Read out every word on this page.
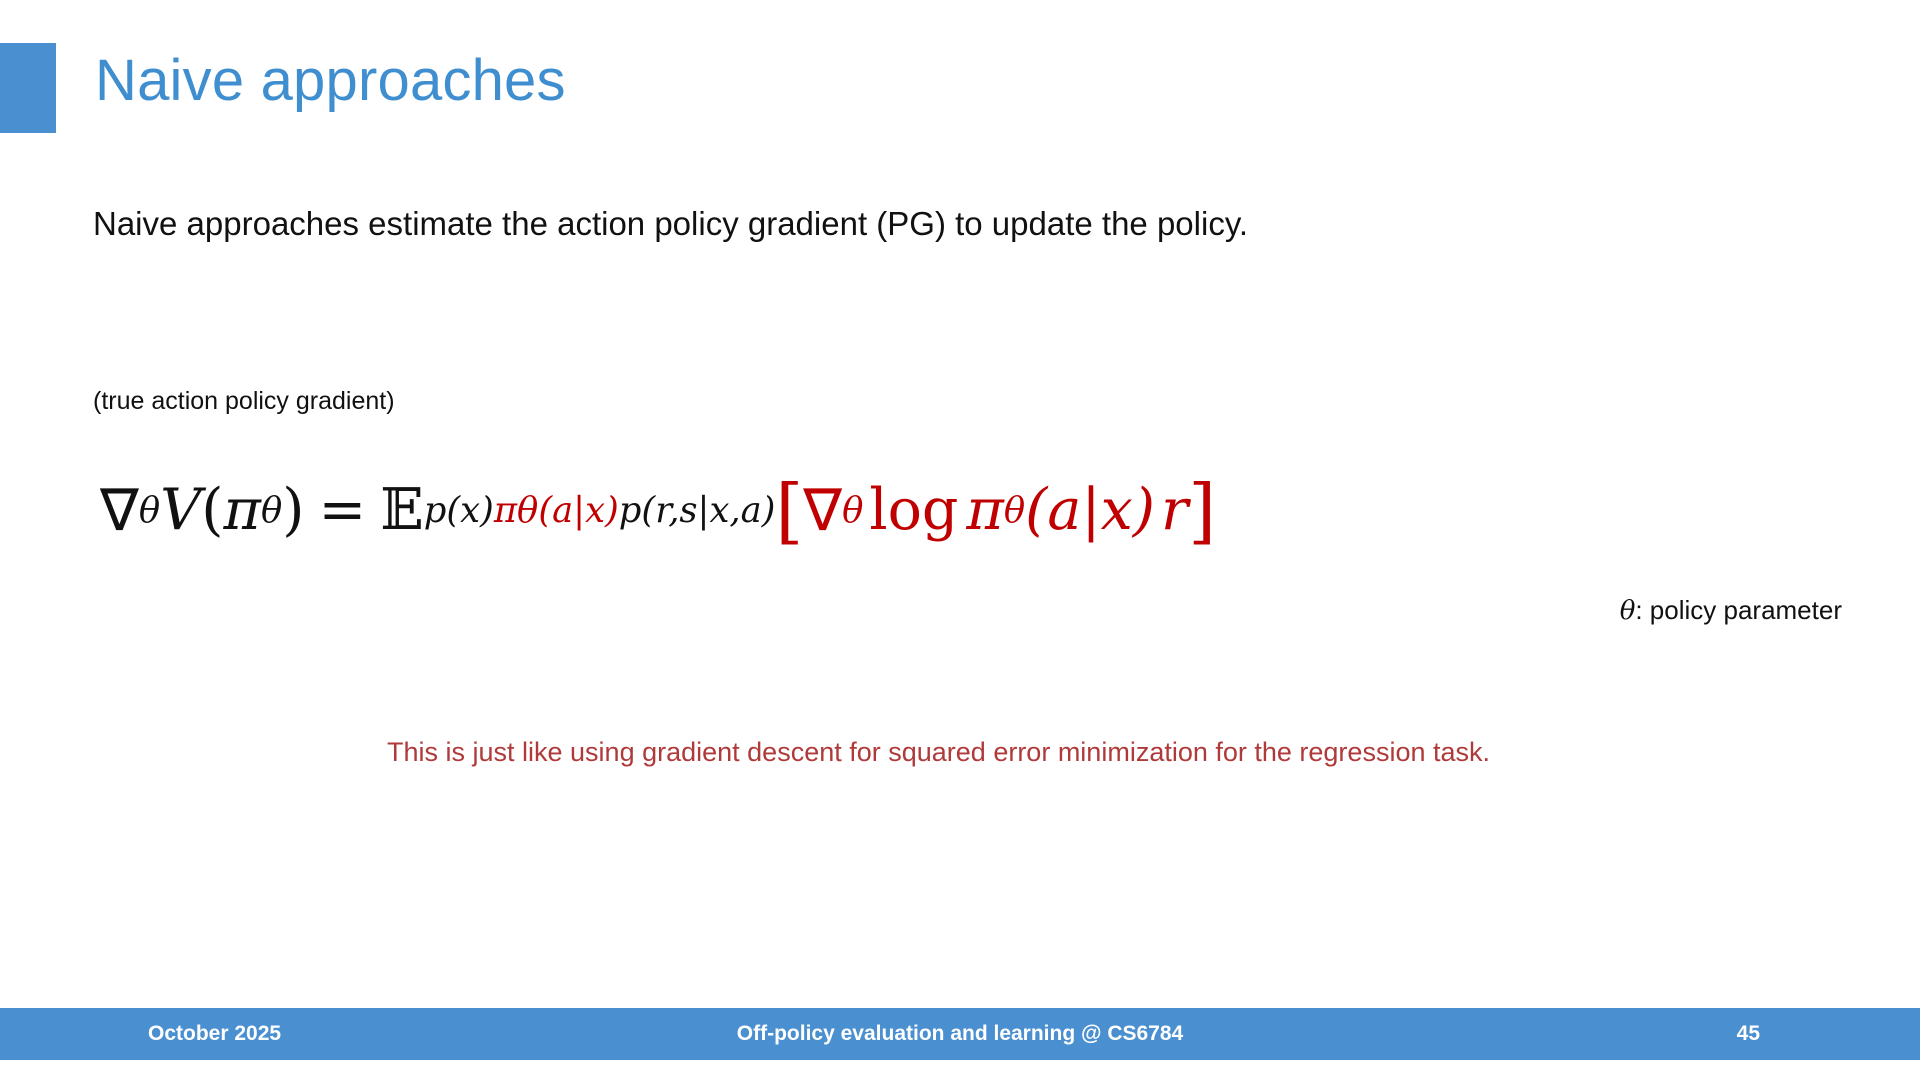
Naive approaches
Naive approaches estimate the action policy gradient (PG) to update the policy.
(true action policy gradient)
∇ θ V ( π θ ) = 𝔼 p(x) πθ(a|x) p(r,s|x,a) [ ∇ θ log π θ (a|x) r ]
θ: policy parameter
This is just like using gradient descent for squared error minimization for the regression task.
October 2025	Off-policy evaluation and learning @ CS6784	45
